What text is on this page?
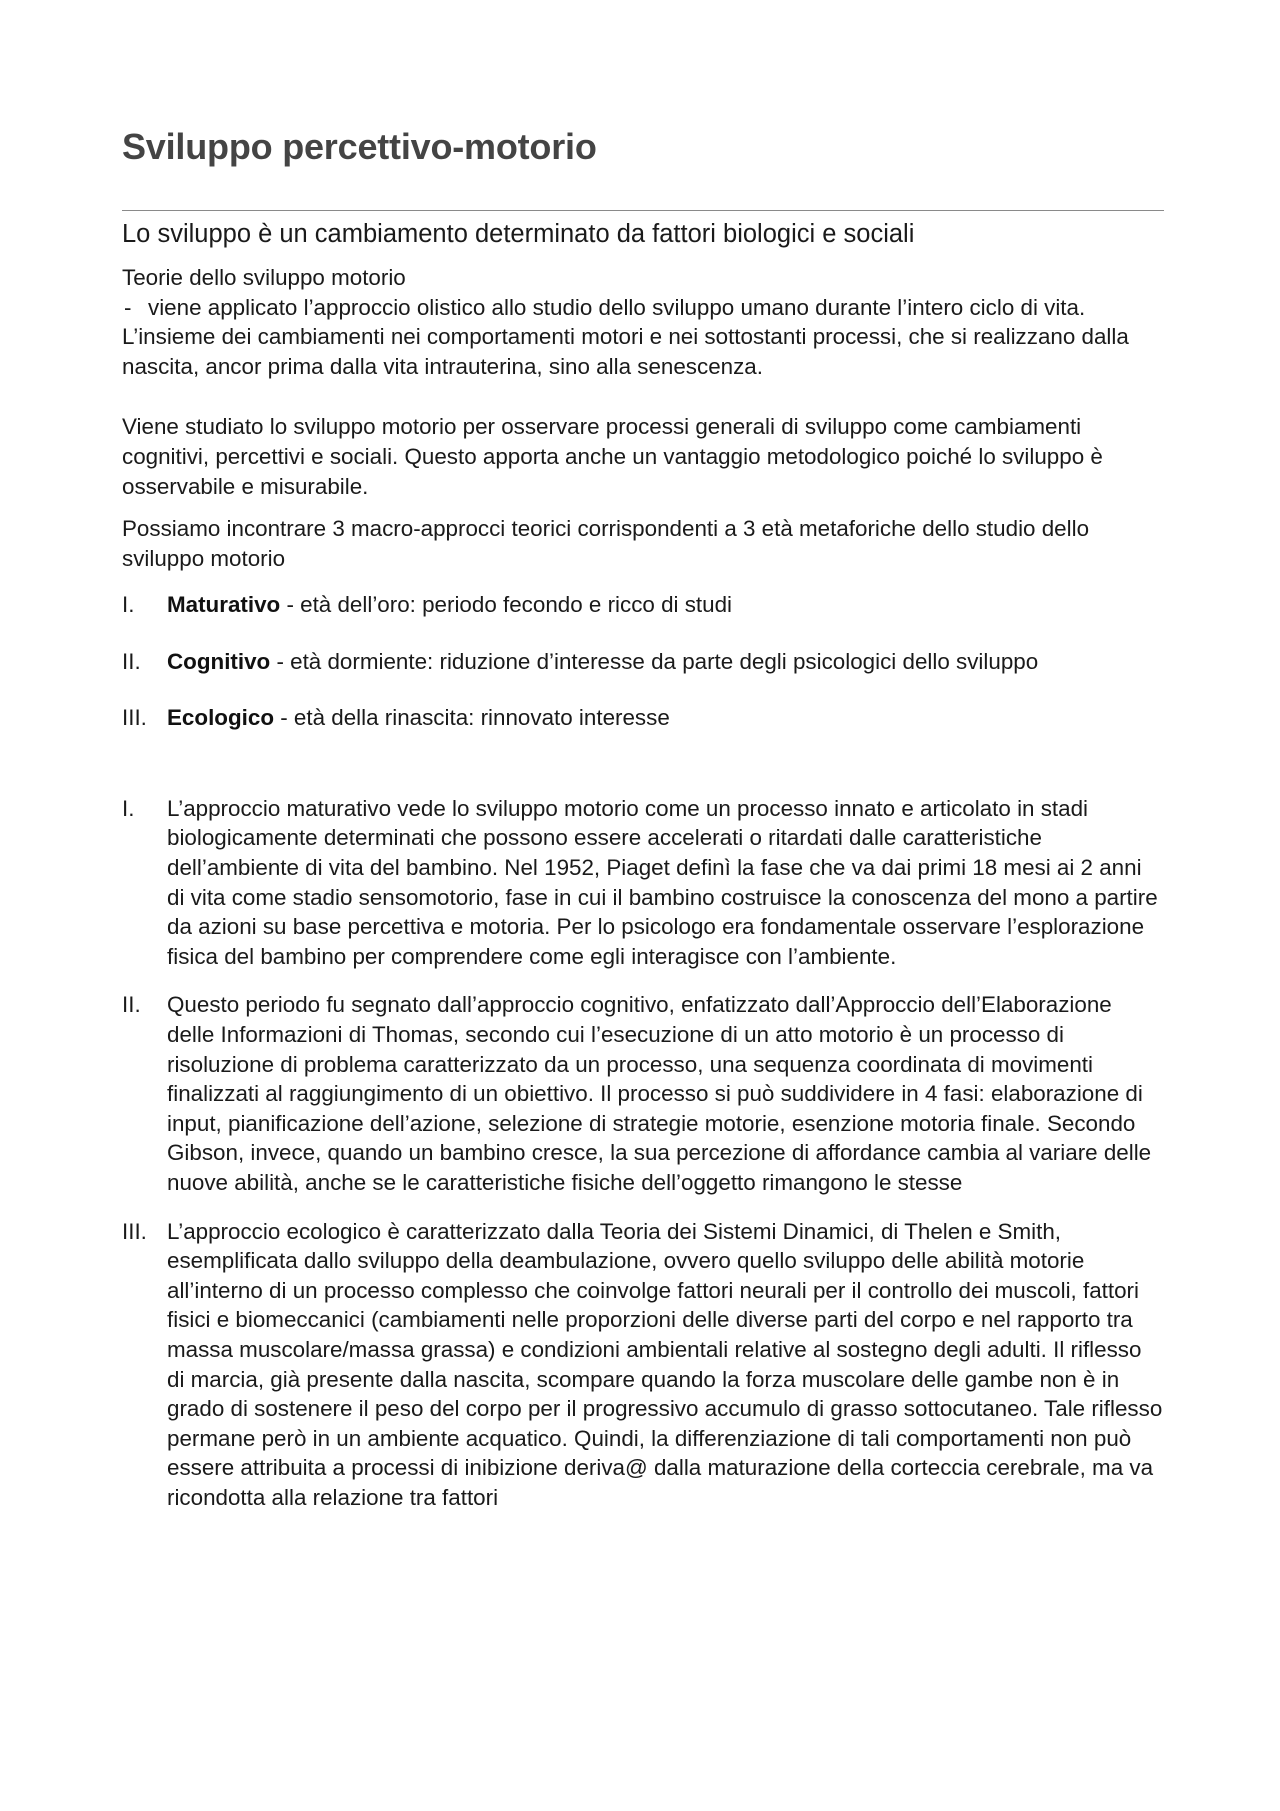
Sviluppo percettivo-motorio
Lo sviluppo è un cambiamento determinato da fattori biologici e sociali

Teorie dello sviluppo motorio

- viene applicato l’approccio olistico allo studio dello sviluppo umano durante l’intero ciclo di vita.

L’insieme dei cambiamenti nei comportamenti motori e nei sottostanti processi, che si realizzano dalla nascita, ancor prima dalla vita intrauterina, sino alla senescenza.

Viene studiato lo sviluppo motorio per osservare processi generali di sviluppo come cambiamenti cognitivi, percettivi e sociali. Questo apporta anche un vantaggio metodologico poiché lo sviluppo è osservabile e misurabile.

Possiamo incontrare 3 macro-approcci teorici corrispondenti a 3 età metaforiche dello studio dello sviluppo motorio

I. Maturativo - età dell’oro: periodo fecondo e ricco di studi
II. Cognitivo - età dormiente: riduzione d’interesse da parte degli psicologici dello sviluppo
III. Ecologico - età della rinascita: rinnovato interesse
I. L’approccio maturativo vede lo sviluppo motorio come un processo innato e articolato in stadi biologicamente determinati che possono essere accelerati o ritardati dalle caratteristiche dell’ambiente di vita del bambino. Nel 1952, Piaget definì la fase che va dai primi 18 mesi ai 2 anni di vita come stadio sensomotorio, fase in cui il bambino costruisce la conoscenza del mono a partire da azioni su base percettiva e motoria. Per lo psicologo era fondamentale osservare l’esplorazione fisica del bambino per comprendere come egli interagisce con l’ambiente.
II. Questo periodo fu segnato dall’approccio cognitivo, enfatizzato dall’Approccio dell’Elaborazione delle Informazioni di Thomas, secondo cui l’esecuzione di un atto motorio è un processo di risoluzione di problema caratterizzato da un processo, una sequenza coordinata di movimenti finalizzati al raggiungimento di un obiettivo. Il processo si può suddividere in 4 fasi: elaborazione di input, pianificazione dell’azione, selezione di strategie motorie, esenzione motoria finale. Secondo Gibson, invece, quando un bambino cresce, la sua percezione di affordance cambia al variare delle nuove abilità, anche se le caratteristiche fisiche dell’oggetto rimangono le stesse
III. L’approccio ecologico è caratterizzato dalla Teoria dei Sistemi Dinamici, di Thelen e Smith, esemplificata dallo sviluppo della deambulazione, ovvero quello sviluppo delle abilità motorie all’interno di un processo complesso che coinvolge fattori neurali per il controllo dei muscoli, fattori fisici e biomeccanici (cambiamenti nelle proporzioni delle diverse parti del corpo e nel rapporto tra massa muscolare/massa grassa) e condizioni ambientali relative al sostegno degli adulti. Il riflesso di marcia, già presente dalla nascita, scompare quando la forza muscolare delle gambe non è in grado di sostenere il peso del corpo per il progressivo accumulo di grasso sottocutaneo. Tale riflesso permane però in un ambiente acquatico. Quindi, la differenziazione di tali comportamenti non può essere attribuita a processi di inibizione deriva@ dalla maturazione della corteccia cerebrale, ma va ricondotta alla relazione tra fattori
